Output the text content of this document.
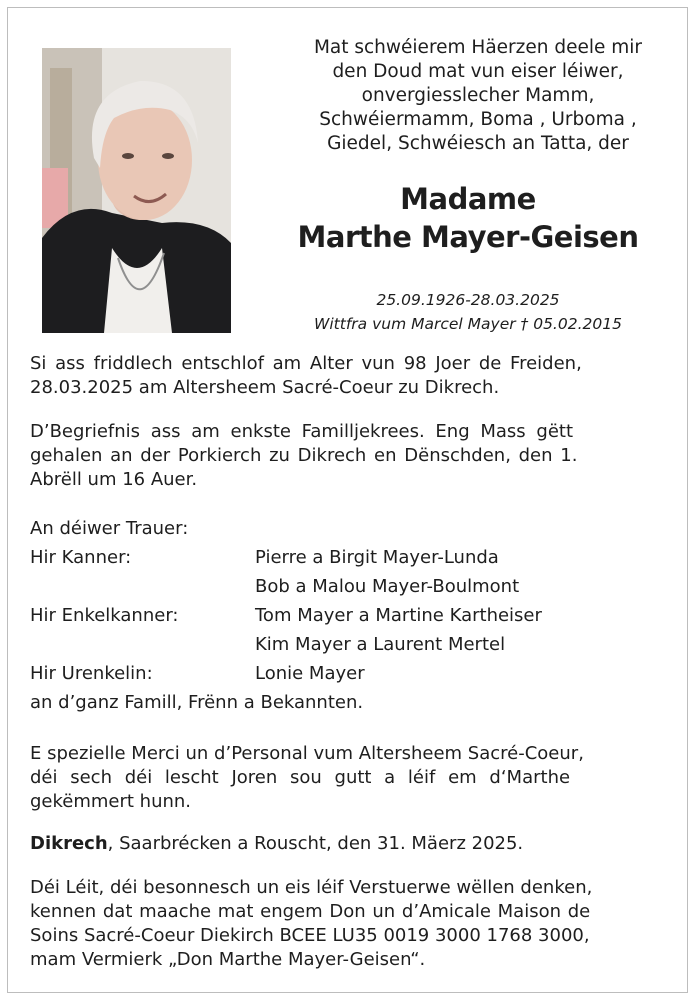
Mat schwéierem Häerzen deele mir
den Doud mat vun eiser léiwer,
onvergiesslecher Mamm,
Schwéiermamm, Boma , Urboma ,
Giedel, Schwéiesch an Tatta, der
Madame
Marthe Mayer-Geisen
25.09.1926-28.03.2025
Wittfra vum Marcel Mayer † 05.02.2015
Si ass friddlech entschlof am Alter vun 98 Joer de Freiden,
28.03.2025 am Altersheem Sacré-Coeur zu Dikrech.
D’Begriefnis ass am enkste Familljekrees. Eng Mass gëtt
gehalen an der Porkierch zu Dikrech en Dënschden, den 1.
Abrëll um 16 Auer.
An déiwer Trauer:
Hir Kanner:	Pierre a Birgit Mayer-Lunda
Bob a Malou Mayer-Boulmont
Hir Enkelkanner:	Tom Mayer a Martine Kartheiser
Kim Mayer a Laurent Mertel
Hir Urenkelin:	Lonie Mayer
an d’ganz Famill, Frënn a Bekannten.
E spezielle Merci un d’Personal vum Altersheem Sacré-Coeur,
déi sech déi lescht Joren sou gutt a léif em d‘Marthe
gekëmmert hunn.
Dikrech, Saarbrécken a Rouscht, den 31. Mäerz 2025.
Déi Léit, déi besonnesch un eis léif Verstuerwe wëllen denken,
kennen dat maache mat engem Don un d’Amicale Maison de
Soins Sacré-Coeur Diekirch BCEE LU35 0019 3000 1768 3000,
mam Vermierk „Don Marthe Mayer-Geisen“.
